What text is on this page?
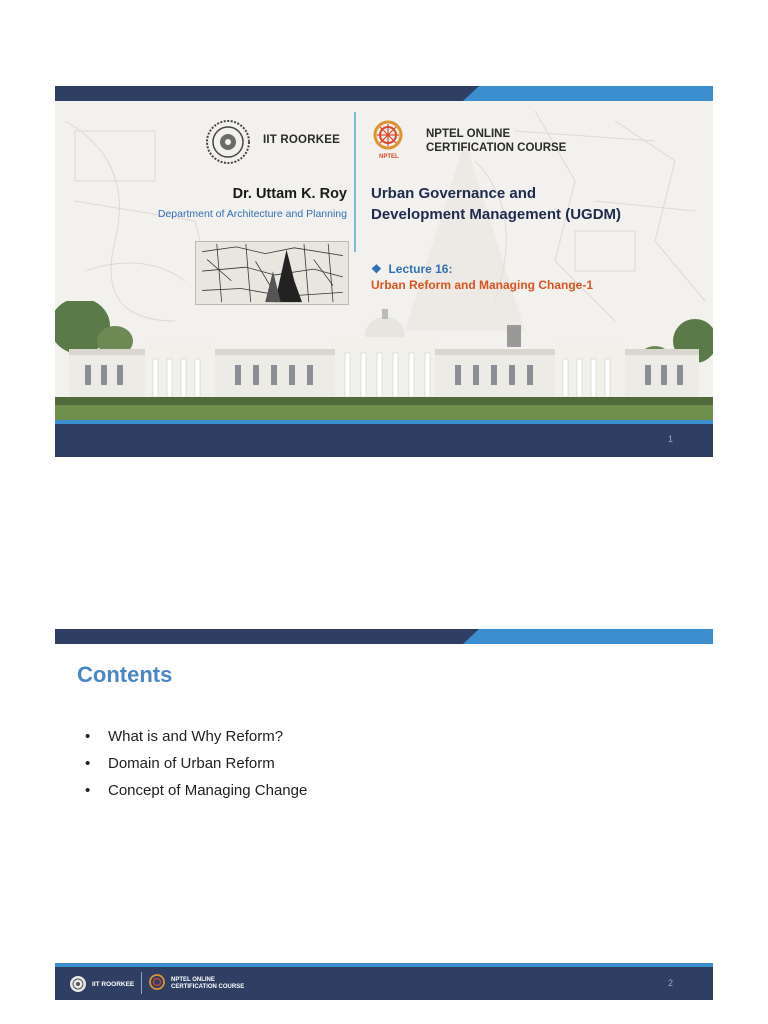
IIT ROORKEE
NPTEL
NPTEL ONLINE
CERTIFICATION COURSE
Dr. Uttam K. Roy
Department of Architecture and Planning
Urban Governance and
Development Management (UGDM)
❖ Lecture 16:
Urban Reform and Managing Change-1
1
Contents
• What is and Why Reform?
• Domain of Urban Reform
• Concept of Managing Change
IIT ROORKEE
NPTEL ONLINE
CERTIFICATION COURSE	2
